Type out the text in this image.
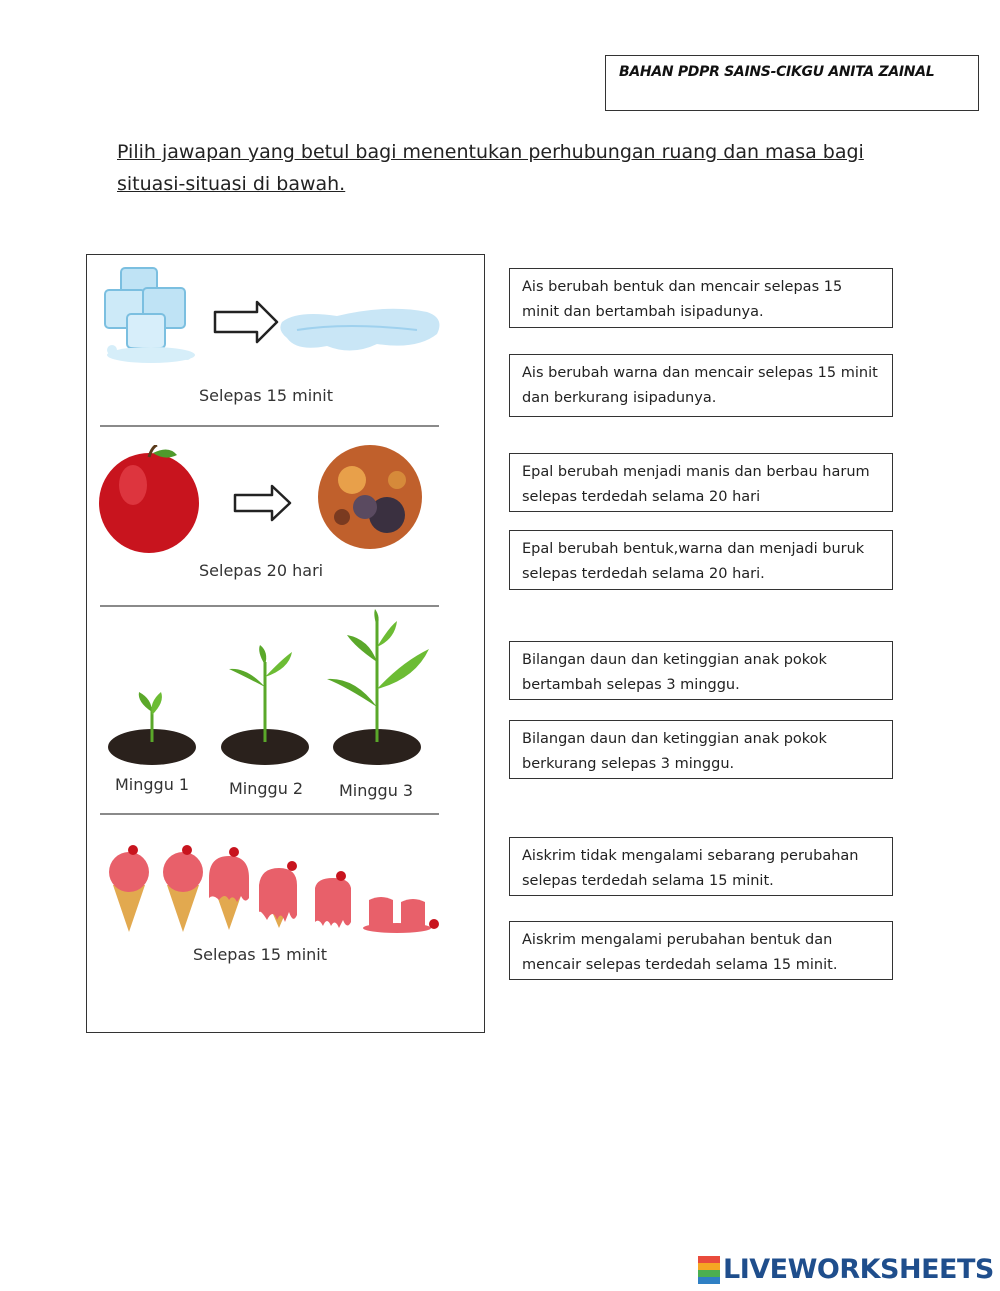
BAHAN PDPR SAINS-CIKGU ANITA ZAINAL
Pilih jawapan yang betul bagi menentukan perhubungan ruang dan masa bagi
situasi-situasi di bawah.
Selepas 15 minit
Selepas 20 hari
Minggu 1 Minggu 2 Minggu 3
Selepas 15 minit
Ais berubah bentuk dan mencair selepas 15
minit dan bertambah isipadunya.
Ais berubah warna dan mencair selepas 15 minit
dan berkurang isipadunya.
Epal berubah menjadi manis dan berbau harum
selepas terdedah selama 20 hari
Epal berubah bentuk,warna dan menjadi buruk
selepas terdedah selama 20 hari.
Bilangan daun dan ketinggian anak pokok
bertambah selepas 3 minggu.
Bilangan daun dan ketinggian anak pokok
berkurang selepas 3 minggu.
Aiskrim tidak mengalami sebarang perubahan
selepas terdedah selama 15 minit.
Aiskrim mengalami perubahan bentuk dan
mencair selepas terdedah selama 15 minit.
LIVEWORKSHEETS
